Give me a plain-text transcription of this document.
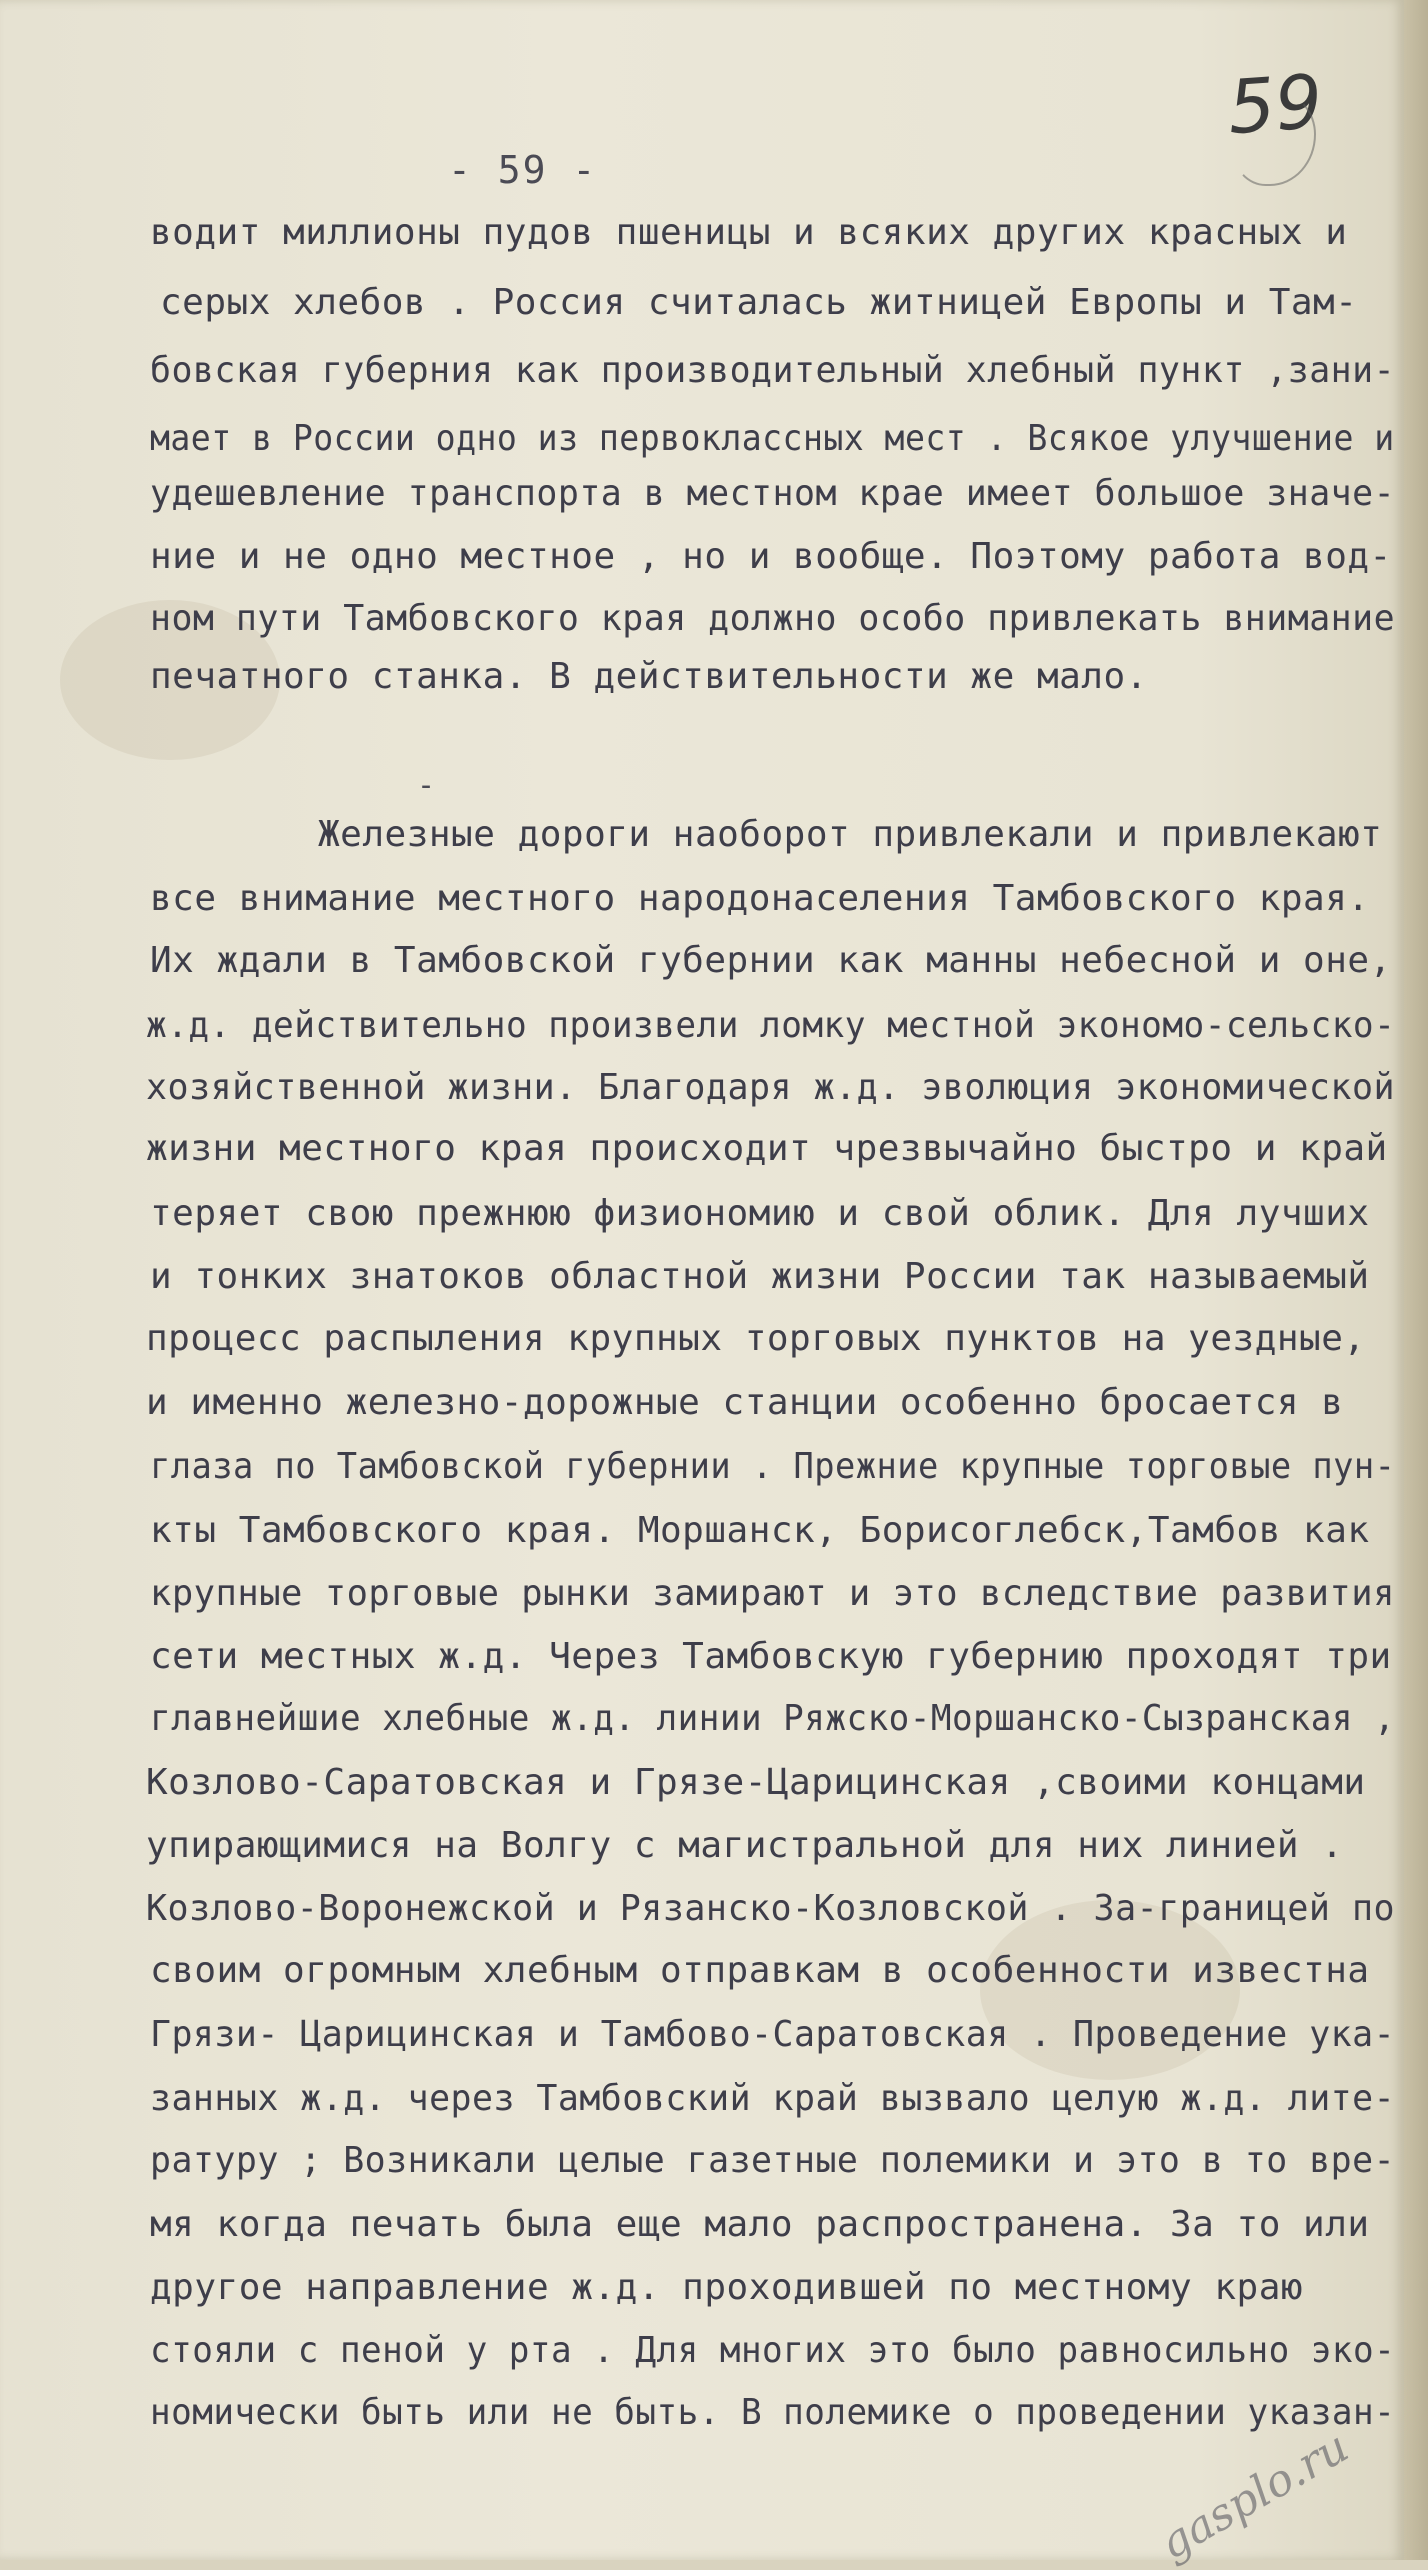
59
- 59 -
водит миллионы пудов пшеницы и всяких других красных и
серых хлебов . Россия считалась житницей Европы и Там-
бовская губерния как производительный хлебный пункт ,зани-
мает в России одно из первоклассных мест . Всякое улучшение и
удешевление транспорта в местном крае имеет большое значе-
ние и не одно местное , но и вообще. Поэтому работа вод-
ном пути Тамбовского края должно особо привлекать внимание
печатного станка. В действительности же мало.
-
Железные дороги наоборот привлекали и привлекают
все внимание местного народонаселения Тамбовского края.
Их ждали в Тамбовской губернии как манны небесной и оне,
ж.д. действительно произвели ломку местной экономо-сельско-
хозяйственной жизни. Благодаря ж.д. эволюция экономической
жизни местного края происходит чрезвычайно быстро и край
теряет свою прежнюю физиономию и свой облик. Для лучших
и тонких знатоков областной жизни России так называемый
процесс распыления крупных торговых пунктов на уездные,
и именно железно-дорожные станции особенно бросается в
глаза по Тамбовской губернии . Прежние крупные торговые пун-
кты Тамбовского края. Моршанск, Борисоглебск,Тамбов как
крупные торговые рынки замирают и это вследствие развития
сети местных ж.д. Через Тамбовскую губернию проходят три
главнейшие хлебные ж.д. линии Ряжско-Моршанско-Сызранская ,
Козлово-Саратовская и Грязе-Царицинская ,своими концами
упирающимися на Волгу с магистральной для них линией .
Козлово-Воронежской и Рязанско-Козловской . За-границей по
своим огромным хлебным отправкам в особенности известна
Грязи- Царицинская и Тамбово-Саратовская . Проведение ука-
занных ж.д. через Тамбовский край вызвало целую ж.д. лите-
ратуру ; Возникали целые газетные полемики и это в то вре-
мя когда печать была еще мало распространена. За то или
другое направление ж.д. проходившей по местному краю
стояли с пеной у рта . Для многих это было равносильно эко-
номически быть или не быть. В полемике о проведении указан-
gasplo.ru
